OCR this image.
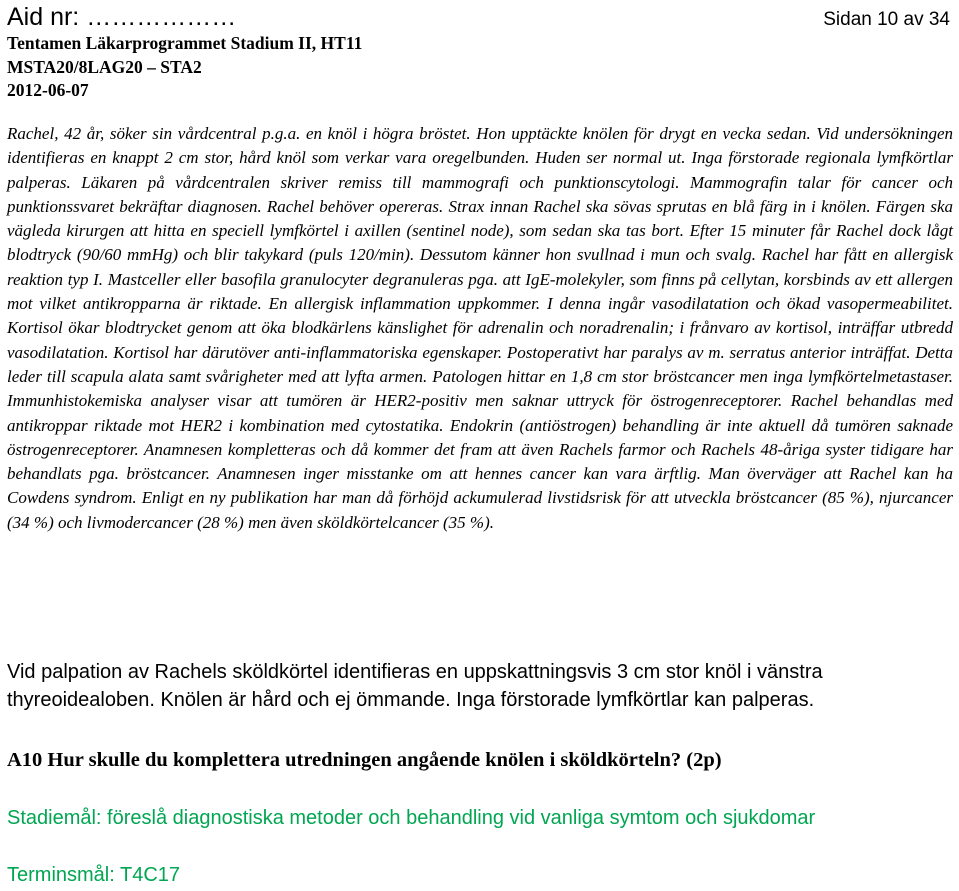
Aid nr: ………………	Sidan 10 av 34
Tentamen Läkarprogrammet Stadium II, HT11
MSTA20/8LAG20 – STA2
2012-06-07

Rachel, 42 år, söker sin vårdcentral p.g.a. en knöl i högra bröstet. Hon upptäckte knölen för drygt en vecka sedan. Vid undersökningen identifieras en knappt 2 cm stor, hård knöl som verkar vara oregelbunden. Huden ser normal ut. Inga förstorade regionala lymfkörtlar palperas. Läkaren på vårdcentralen skriver remiss till mammografi och punktionscytologi. Mammografin talar för cancer och punktionssvaret bekräftar diagnosen. Rachel behöver opereras. Strax innan Rachel ska sövas sprutas en blå färg in i knölen. Färgen ska vägleda kirurgen att hitta en speciell lymfkörtel i axillen (sentinel node), som sedan ska tas bort. Efter 15 minuter får Rachel dock lågt blodtryck (90/60 mmHg) och blir takykard (puls 120/min). Dessutom känner hon svullnad i mun och svalg. Rachel har fått en allergisk reaktion typ I. Mastceller eller basofila granulocyter degranuleras pga. att IgE-molekyler, som finns på cellytan, korsbinds av ett allergen mot vilket antikropparna är riktade. En allergisk inflammation uppkommer. I denna ingår vasodilatation och ökad vasopermeabilitet. Kortisol ökar blodtrycket genom att öka blodkärlens känslighet för adrenalin och noradrenalin; i frånvaro av kortisol, inträffar utbredd vasodilatation. Kortisol har därutöver anti-inflammatoriska egenskaper. Postoperativt har paralys av m. serratus anterior inträffat. Detta leder till scapula alata samt svårigheter med att lyfta armen. Patologen hittar en 1,8 cm stor bröstcancer men inga lymfkörtelmetastaser. Immunhistokemiska analyser visar att tumören är HER2-positiv men saknar uttryck för östrogenreceptorer. Rachel behandlas med antikroppar riktade mot HER2 i kombination med cytostatika. Endokrin (antiöstrogen) behandling är inte aktuell då tumören saknade östrogenreceptorer. Anamnesen kompletteras och då kommer det fram att även Rachels farmor och Rachels 48-åriga syster tidigare har behandlats pga. bröstcancer. Anamnesen inger misstanke om att hennes cancer kan vara ärftlig. Man överväger att Rachel kan ha Cowdens syndrom. Enligt en ny publikation har man då förhöjd ackumulerad livstidsrisk för att utveckla bröstcancer (85 %), njurcancer (34 %) och livmodercancer (28 %) men även sköldkörtelcancer (35 %).

Vid palpation av Rachels sköldkörtel identifieras en uppskattningsvis 3 cm stor knöl i vänstra thyreoidealoben. Knölen är hård och ej ömmande. Inga förstorade lymfkörtlar kan palperas.

A10 Hur skulle du komplettera utredningen angående knölen i sköldkörteln? (2p)

Stadiemål: föreslå diagnostiska metoder och behandling vid vanliga symtom och sjukdomar

Terminsmål: T4C17
